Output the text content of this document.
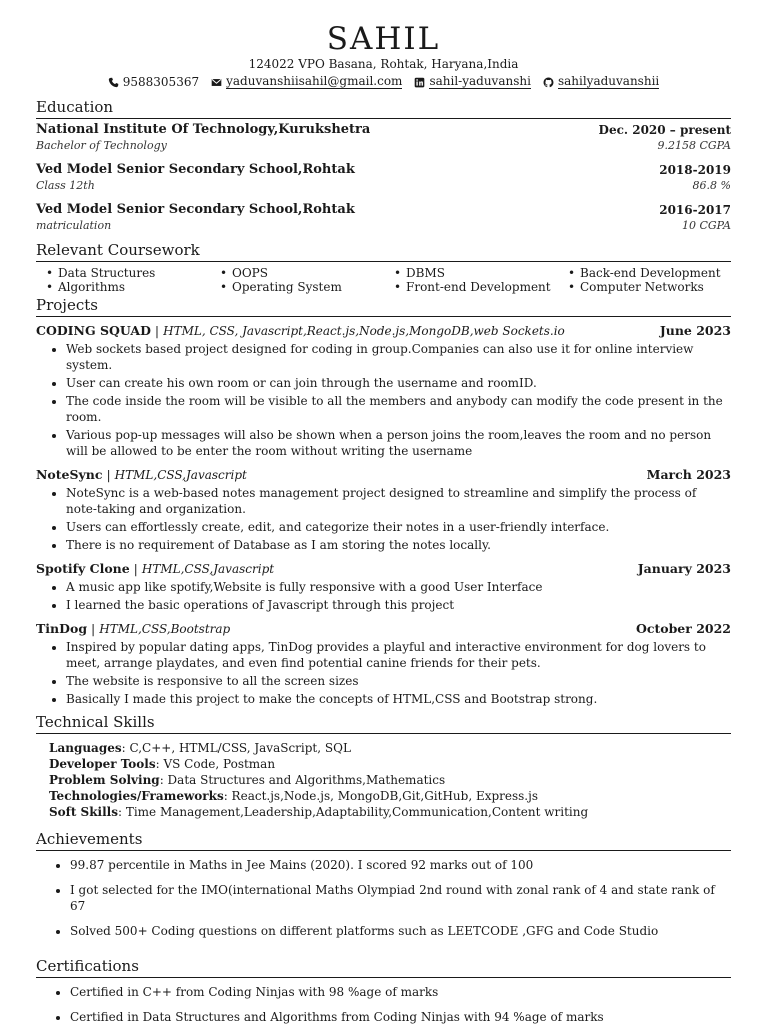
SAHIL
124022 VPO Basana, Rohtak, Haryana,India
9588305367 yaduvanshiisahil@gmail.com sahil-yaduvanshi sahilyaduvanshii
Education
National Institute Of Technology,Kurukshetra	Dec. 2020 – present
Bachelor of Technology	9.2158 CGPA
Ved Model Senior Secondary School,Rohtak	2018-2019
Class 12th	86.8 %
Ved Model Senior Secondary School,Rohtak	2016-2017
matriculation	10 CGPA
Relevant Coursework
• Data Structures	• OOPS	• DBMS	• Back-end Development
• Algorithms	• Operating System	• Front-end Development	• Computer Networks
Projects
CODING SQUAD | HTML, CSS, Javascript,React.js,Node.js,MongoDB,web Sockets.io	June 2023
• Web sockets based project designed for coding in group.Companies can also use it for online interview system.
• User can create his own room or can join through the username and roomID.
• The code inside the room will be visible to all the members and anybody can modify the code present in the room.
• Various pop-up messages will also be shown when a person joins the room,leaves the room and no person will be allowed to be enter the room without writing the username
NoteSync | HTML,CSS,Javascript	March 2023
• NoteSync is a web-based notes management project designed to streamline and simplify the process of note-taking and organization.
• Users can effortlessly create, edit, and categorize their notes in a user-friendly interface.
• There is no requirement of Database as I am storing the notes locally.
Spotify Clone | HTML,CSS,Javascript	January 2023
• A music app like spotify,Website is fully responsive with a good User Interface
• I learned the basic operations of Javascript through this project
TinDog | HTML,CSS,Bootstrap	October 2022
• Inspired by popular dating apps, TinDog provides a playful and interactive environment for dog lovers to meet, arrange playdates, and even find potential canine friends for their pets.
• The website is responsive to all the screen sizes
• Basically I made this project to make the concepts of HTML,CSS and Bootstrap strong.
Technical Skills
Languages: C,C++, HTML/CSS, JavaScript, SQL
Developer Tools: VS Code, Postman
Problem Solving: Data Structures and Algorithms,Mathematics
Technologies/Frameworks: React.js,Node.js, MongoDB,Git,GitHub, Express.js
Soft Skills: Time Management,Leadership,Adaptability,Communication,Content writing
Achievements
• 99.87 percentile in Maths in Jee Mains (2020). I scored 92 marks out of 100
• I got selected for the IMO(international Maths Olympiad 2nd round with zonal rank of 4 and state rank of 67
• Solved 500+ Coding questions on different platforms such as LEETCODE ,GFG and Code Studio
Certifications
• Certified in C++ from Coding Ninjas with 98 %age of marks
• Certified in Data Structures and Algorithms from Coding Ninjas with 94 %age of marks
